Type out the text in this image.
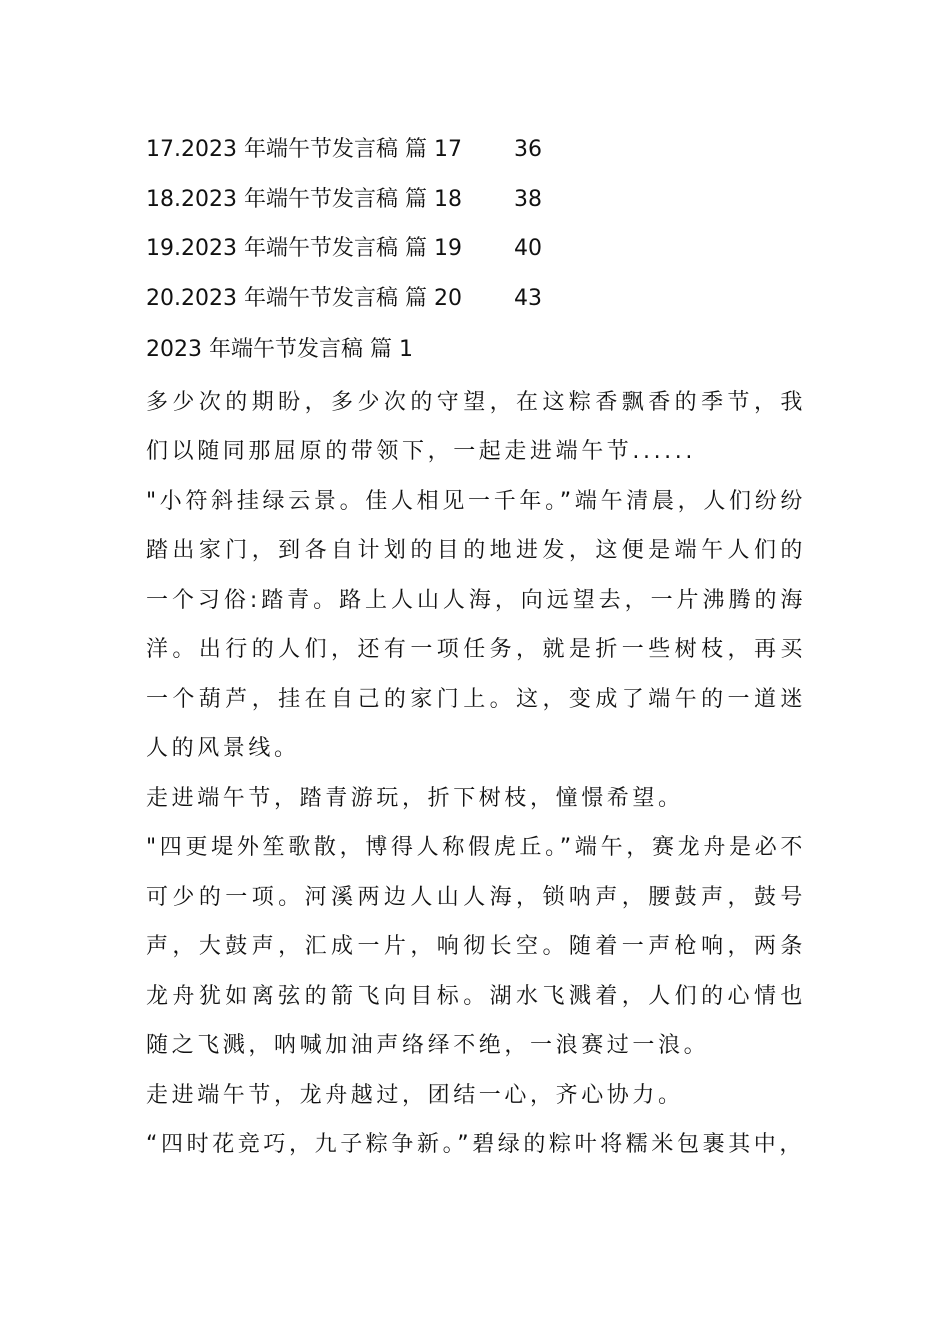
17.2023 年端午节发言稿 篇 17 36
18.2023 年端午节发言稿 篇 18 38
19.2023 年端午节发言稿 篇 19 40
20.2023 年端午节发言稿 篇 20 43
2023 年端午节发言稿 篇 1

多少次的期盼，多少次的守望，在这粽香飘香的季节，我们以随同那屈原的带领下，一起走进端午节......

"小符斜挂绿云景。佳人相见一千年。”端午清晨，人们纷纷踏出家门，到各自计划的目的地进发，这便是端午人们的一个习俗:踏青。路上人山人海，向远望去，一片沸腾的海洋。出行的人们，还有一项任务，就是折一些树枝，再买一个葫芦，挂在自己的家门上。这，变成了端午的一道迷人的风景线。

走进端午节，踏青游玩，折下树枝，憧憬希望。

"四更堤外笙歌散，博得人称假虎丘。”端午，赛龙舟是必不可少的一项。河溪两边人山人海，锁呐声，腰鼓声，鼓号声，大鼓声，汇成一片，响彻长空。随着一声枪响，两条龙舟犹如离弦的箭飞向目标。湖水飞溅着，人们的心情也随之飞溅，呐喊加油声络绎不绝，一浪赛过一浪。

走进端午节，龙舟越过，团结一心，齐心协力。

“四时花竞巧，九子粽争新。”碧绿的粽叶将糯米包裹其中，
